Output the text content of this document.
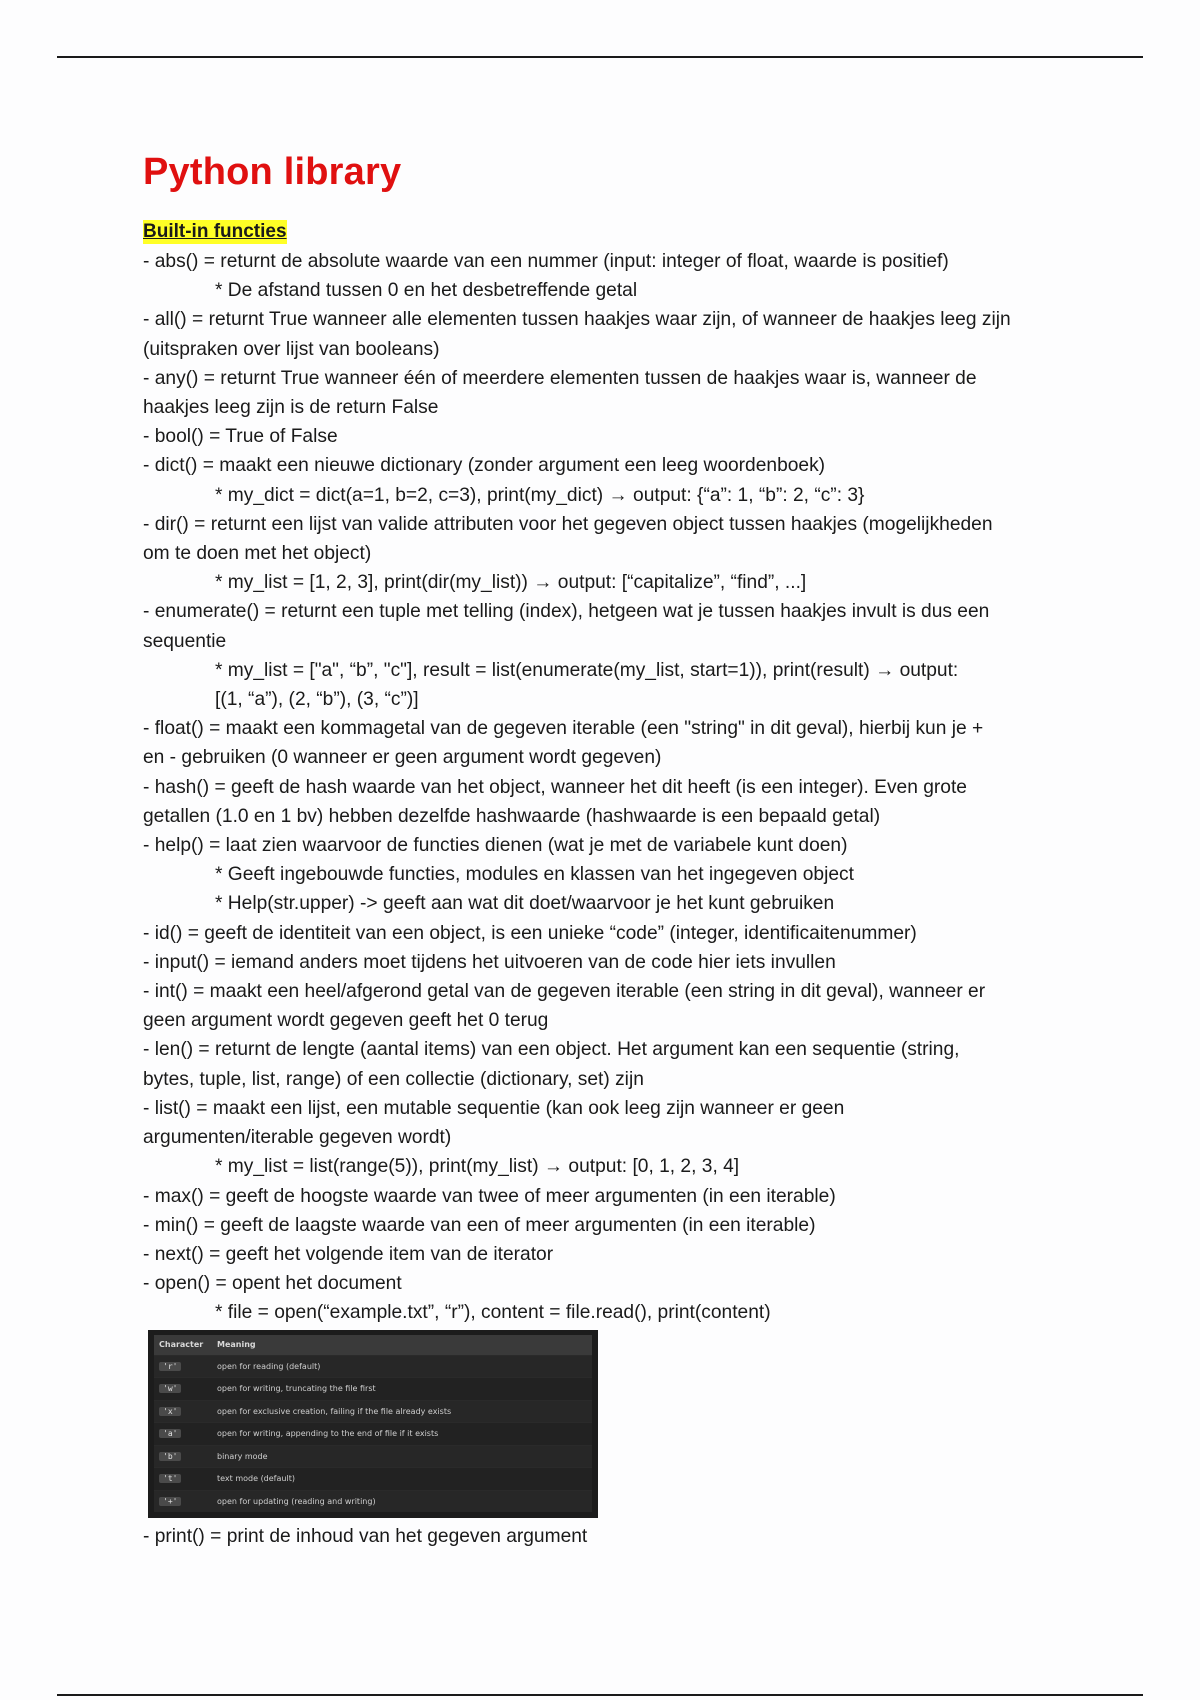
Python library
Built-in functies

- abs() = returnt de absolute waarde van een nummer (input: integer of float, waarde is positief)

* De afstand tussen 0 en het desbetreffende getal

- all() = returnt True wanneer alle elementen tussen haakjes waar zijn, of wanneer de haakjes leeg zijn

(uitspraken over lijst van booleans)

- any() = returnt True wanneer één of meerdere elementen tussen de haakjes waar is, wanneer de

haakjes leeg zijn is de return False

- bool() = True of False

- dict() = maakt een nieuwe dictionary (zonder argument een leeg woordenboek)

* my_dict = dict(a=1, b=2, c=3), print(my_dict) → output: {“a”: 1, “b”: 2, “c”: 3}

- dir() = returnt een lijst van valide attributen voor het gegeven object tussen haakjes (mogelijkheden

om te doen met het object)

* my_list = [1, 2, 3], print(dir(my_list)) → output: [“capitalize”, “find”, ...]

- enumerate() = returnt een tuple met telling (index), hetgeen wat je tussen haakjes invult is dus een

sequentie

* my_list = ["a", “b”, "c"], result = list(enumerate(my_list, start=1)), print(result) → output:

[(1, “a”), (2, “b”), (3, “c”)]

- float() = maakt een kommagetal van de gegeven iterable (een "string" in dit geval), hierbij kun je +

en - gebruiken (0 wanneer er geen argument wordt gegeven)

- hash() = geeft de hash waarde van het object, wanneer het dit heeft (is een integer). Even grote

getallen (1.0 en 1 bv) hebben dezelfde hashwaarde (hashwaarde is een bepaald getal)

- help() = laat zien waarvoor de functies dienen (wat je met de variabele kunt doen)

* Geeft ingebouwde functies, modules en klassen van het ingegeven object

* Help(str.upper) -> geeft aan wat dit doet/waarvoor je het kunt gebruiken

- id() = geeft de identiteit van een object, is een unieke “code” (integer, identificaitenummer)

- input() = iemand anders moet tijdens het uitvoeren van de code hier iets invullen

- int() = maakt een heel/afgerond getal van de gegeven iterable (een string in dit geval), wanneer er

geen argument wordt gegeven geeft het 0 terug

- len() = returnt de lengte (aantal items) van een object. Het argument kan een sequentie (string,

bytes, tuple, list, range) of een collectie (dictionary, set) zijn

- list() = maakt een lijst, een mutable sequentie (kan ook leeg zijn wanneer er geen

argumenten/iterable gegeven wordt)

* my_list = list(range(5)), print(my_list) → output: [0, 1, 2, 3, 4]

- max() = geeft de hoogste waarde van twee of meer argumenten (in een iterable)

- min() = geeft de laagste waarde van een of meer argumenten (in een iterable)

- next() = geeft het volgende item van de iterator

- open() = opent het document

* file = open(“example.txt”, “r”), content = file.read(), print(content)

Character	Meaning
'r'	open for reading (default)
'w'	open for writing, truncating the file first
'x'	open for exclusive creation, failing if the file already exists
'a'	open for writing, appending to the end of file if it exists
'b'	binary mode
't'	text mode (default)
'+'	open for updating (reading and writing)

- print() = print de inhoud van het gegeven argument
